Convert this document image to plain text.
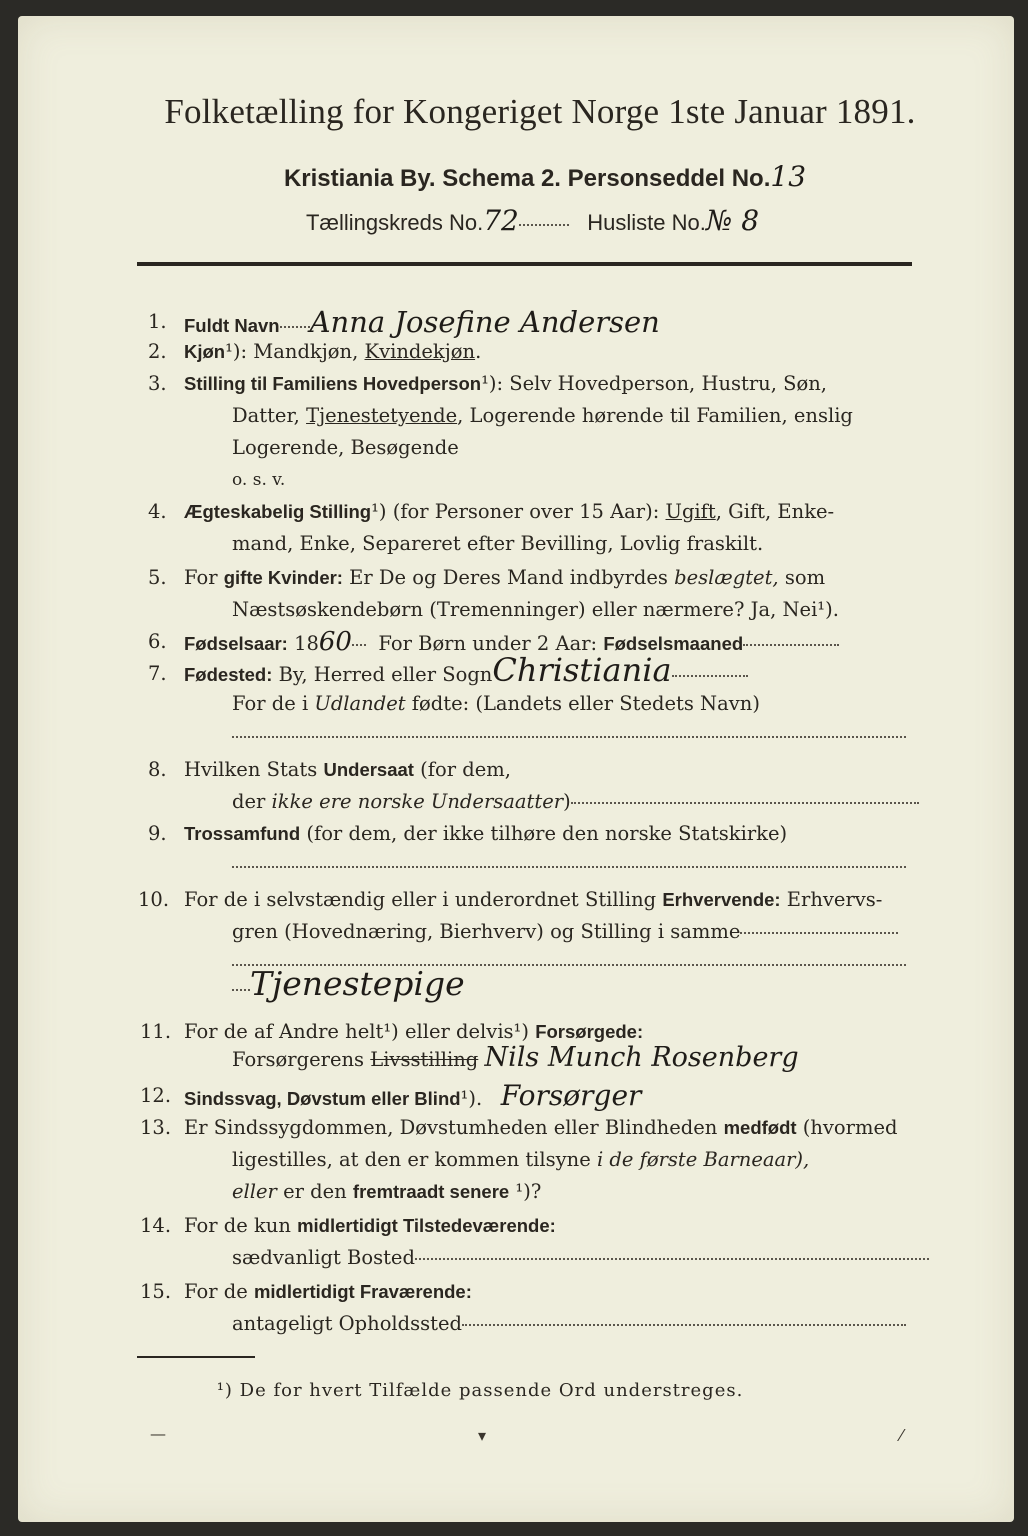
Folketælling for Kongeriget Norge 1ste Januar 1891.
Kristiania By. Schema 2. Personseddel No.13
Tællingskreds No.72	Husliste No.№ 8
1. Fuldt Navn Anna Josefine Andersen
2. Kjøn¹): Mandkjøn, Kvindekjøn.
3. Stilling til Familiens Hovedperson¹): Selv Hovedperson, Hustru, Søn,
Datter, Tjenestetyende, Logerende hørende til Familien, enslig
Logerende, Besøgende
o. s. v.
4. Ægteskabelig Stilling¹) (for Personer over 15 Aar): Ugift, Gift, Enke-
mand, Enke, Separeret efter Bevilling, Lovlig fraskilt.
5. For gifte Kvinder: Er De og Deres Mand indbyrdes beslægtet, som
Næstsøskendebørn (Tremenninger) eller nærmere? Ja, Nei¹).
6. Fødselsaar: 1860 For Børn under 2 Aar: Fødselsmaaned
7. Fødested: By, Herred eller SognChristiania
For de i Udlandet fødte: (Landets eller Stedets Navn)
8. Hvilken Stats Undersaat (for dem,
der ikke ere norske Undersaatter)
9. Trossamfund (for dem, der ikke tilhøre den norske Statskirke)
10. For de i selvstændig eller i underordnet Stilling Erhvervende: Erhvervs-
gren (Hovednæring, Bierhverv) og Stilling i samme
Tjenestepige
11. For de af Andre helt¹) eller delvis¹) Forsørgede:
Forsørgerens Livsstilling Nils Munch Rosenberg
12. Sindssvag, Døvstum eller Blind¹). Forsørger
13. Er Sindssygdommen, Døvstumheden eller Blindheden medfødt (hvormed
ligestilles, at den er kommen tilsyne i de første Barneaar),
eller er den fremtraadt senere ¹)?
14. For de kun midlertidigt Tilstedeværende:
sædvanligt Bosted
15. For de midlertidigt Fraværende:
antageligt Opholdssted
¹) De for hvert Tilfælde passende Ord understreges.
—	▾	⁄
